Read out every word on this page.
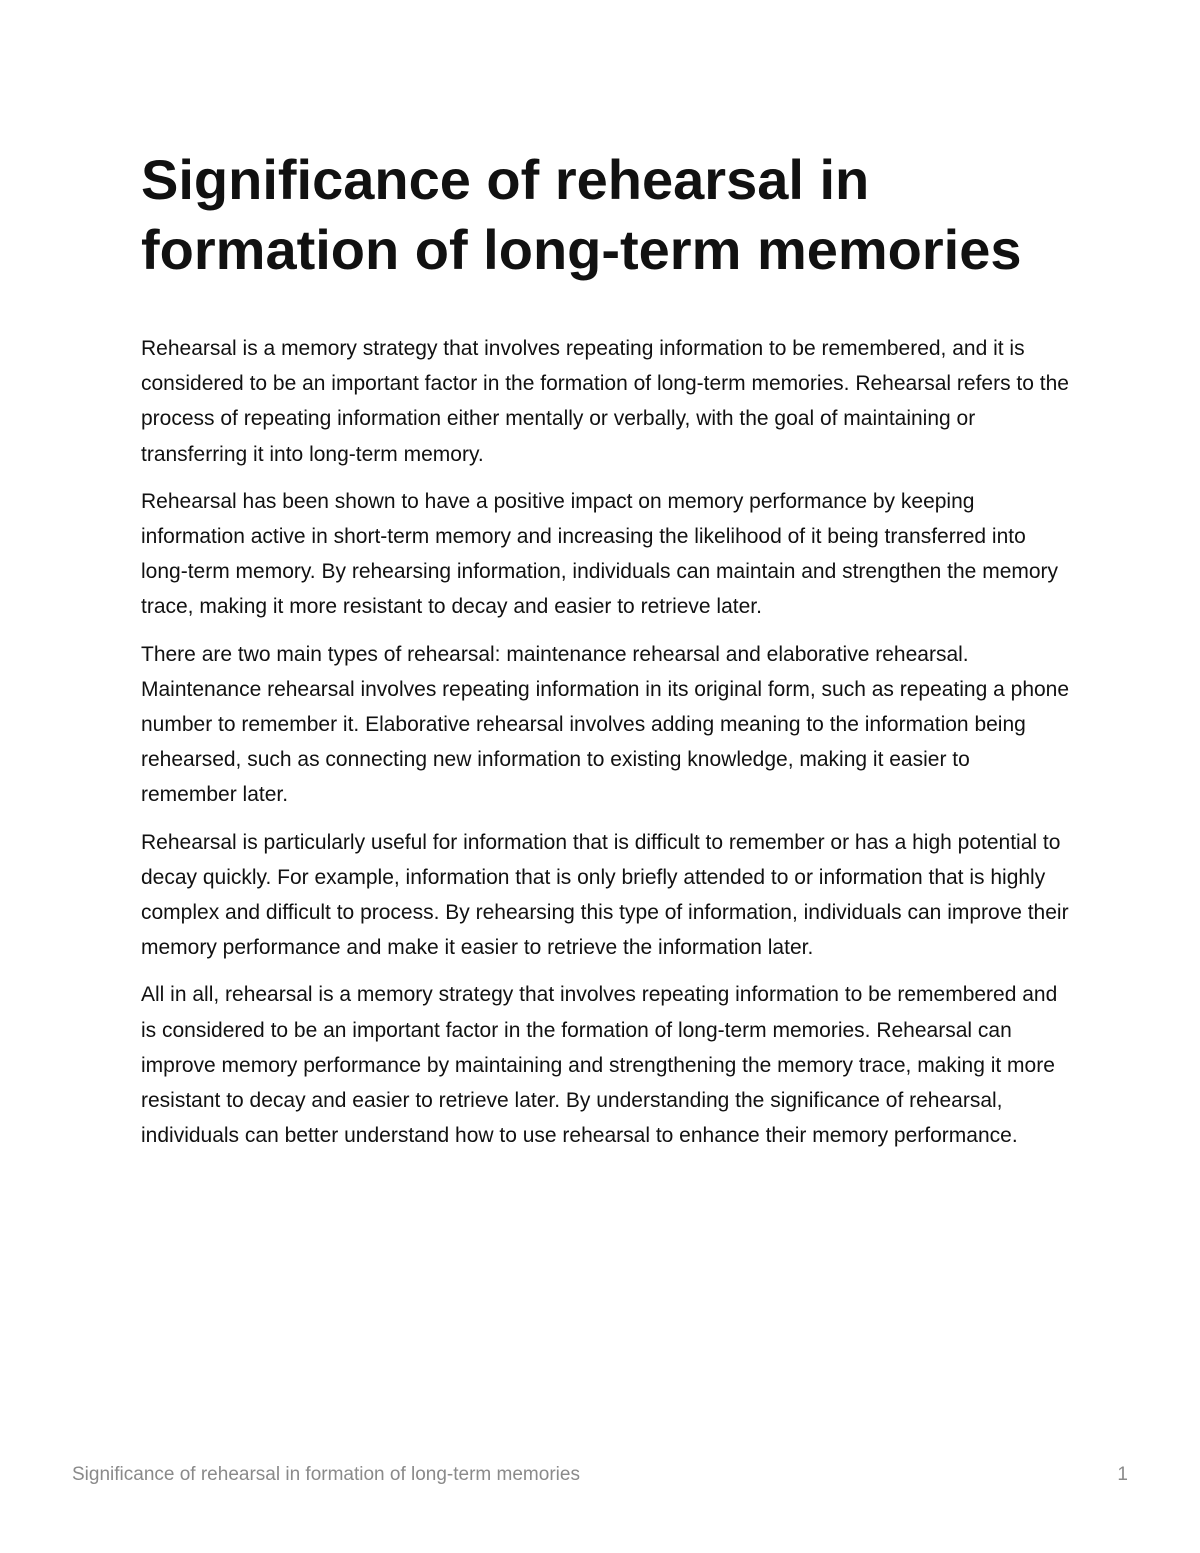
Significance of rehearsal in
formation of long-term memories

Rehearsal is a memory strategy that involves repeating information to be remembered, and it is considered to be an important factor in the formation of long-term memories. Rehearsal refers to the process of repeating information either mentally or verbally, with the goal of maintaining or transferring it into long-term memory.

Rehearsal has been shown to have a positive impact on memory performance by keeping information active in short-term memory and increasing the likelihood of it being transferred into long-term memory. By rehearsing information, individuals can maintain and strengthen the memory trace, making it more resistant to decay and easier to retrieve later.

There are two main types of rehearsal: maintenance rehearsal and elaborative rehearsal. Maintenance rehearsal involves repeating information in its original form, such as repeating a phone number to remember it. Elaborative rehearsal involves adding meaning to the information being rehearsed, such as connecting new information to existing knowledge, making it easier to remember later.

Rehearsal is particularly useful for information that is difficult to remember or has a high potential to decay quickly. For example, information that is only briefly attended to or information that is highly complex and difficult to process. By rehearsing this type of information, individuals can improve their memory performance and make it easier to retrieve the information later.

All in all, rehearsal is a memory strategy that involves repeating information to be remembered and is considered to be an important factor in the formation of long-term memories. Rehearsal can improve memory performance by maintaining and strengthening the memory trace, making it more resistant to decay and easier to retrieve later. By understanding the significance of rehearsal, individuals can better understand how to use rehearsal to enhance their memory performance.

Significance of rehearsal in formation of long-term memories	1
